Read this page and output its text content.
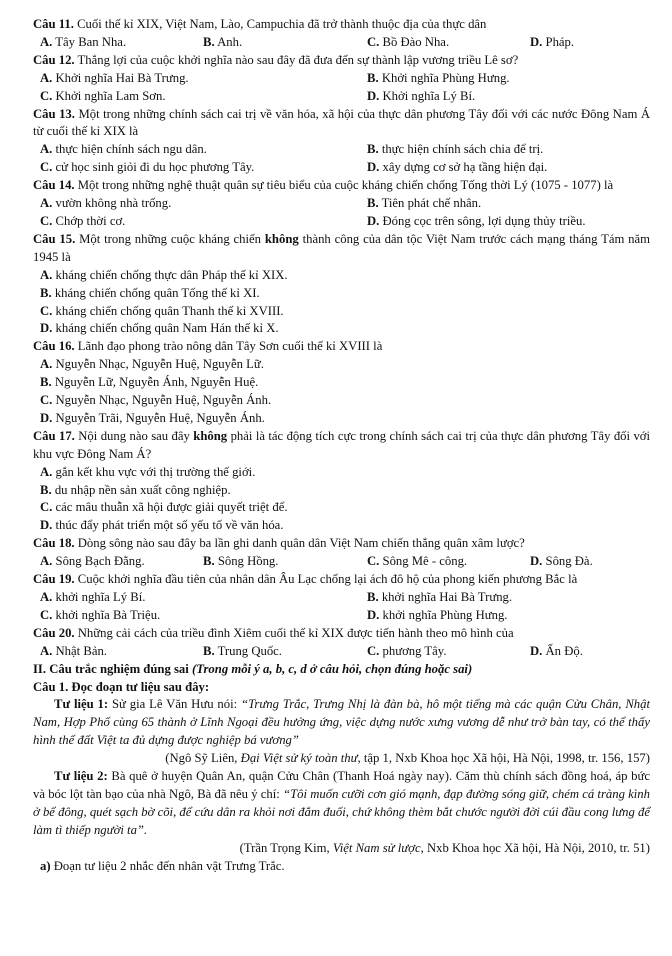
Câu 11. Cuối thế kỉ XIX, Việt Nam, Lào, Campuchia đã trở thành thuộc địa của thực dân
A. Tây Ban Nha.	B. Anh.	C. Bồ Đào Nha.	D. Pháp.
Câu 12. Thắng lợi của cuộc khởi nghĩa nào sau đây đã đưa đến sự thành lập vương triều Lê sơ?
A. Khởi nghĩa Hai Bà Trưng.	B. Khởi nghĩa Phùng Hưng.
C. Khởi nghĩa Lam Sơn.	D. Khởi nghĩa Lý Bí.
Câu 13. Một trong những chính sách cai trị về văn hóa, xã hội của thực dân phương Tây đối với các nước Đông Nam Á từ cuối thế kỉ XIX là
A. thực hiện chính sách ngu dân.	B. thực hiện chính sách chia để trị.
C. cử học sinh giỏi đi du học phương Tây.	D. xây dựng cơ sở hạ tầng hiện đại.
Câu 14. Một trong những nghệ thuật quân sự tiêu biểu của cuộc kháng chiến chống Tống thời Lý (1075 - 1077) là
A. vườn không nhà trống.	B. Tiên phát chế nhân.
C. Chớp thời cơ.	D. Đóng cọc trên sông, lợi dụng thủy triều.
Câu 15. Một trong những cuộc kháng chiến không thành công của dân tộc Việt Nam trước cách mạng tháng Tám năm 1945 là
A. kháng chiến chống thực dân Pháp thế kỉ XIX.
B. kháng chiến chống quân Tống thế kỉ XI.
C. kháng chiến chống quân Thanh thế kỉ XVIII.
D. kháng chiến chống quân Nam Hán thế kỉ X.
Câu 16. Lãnh đạo phong trào nông dân Tây Sơn cuối thế kỉ XVIII là
A. Nguyễn Nhạc, Nguyễn Huệ, Nguyễn Lữ.
B. Nguyễn Lữ, Nguyễn Ánh, Nguyễn Huệ.
C. Nguyễn Nhạc, Nguyễn Huệ, Nguyễn Ánh.
D. Nguyễn Trãi, Nguyễn Huệ, Nguyễn Ánh.
Câu 17. Nội dung nào sau đây không phải là tác động tích cực trong chính sách cai trị của thực dân phương Tây đối với khu vực Đông Nam Á?
A. gắn kết khu vực với thị trường thế giới.
B. du nhập nền sản xuất công nghiệp.
C. các mâu thuẫn xã hội được giải quyết triệt để.
D. thúc đẩy phát triển một số yếu tố về văn hóa.
Câu 18. Dòng sông nào sau đây ba lần ghi danh quân dân Việt Nam chiến thắng quân xâm lược?
A. Sông Bạch Đằng.	B. Sông Hồng.	C. Sông Mê - công.	D. Sông Đà.
Câu 19. Cuộc khởi nghĩa đầu tiên của nhân dân Âu Lạc chống lại ách đô hộ của phong kiến phương Bắc là
A. khởi nghĩa Lý Bí.	B. khởi nghĩa Hai Bà Trưng.
C. khởi nghĩa Bà Triệu.	D. khởi nghĩa Phùng Hưng.
Câu 20. Những cải cách của triều đình Xiêm cuối thế kỉ XIX được tiến hành theo mô hình của
A. Nhật Bản.	B. Trung Quốc.	C. phương Tây.	D. Ấn Độ.
II. Câu trắc nghiệm đúng sai (Trong mỗi ý a, b, c, d ở câu hỏi, chọn đúng hoặc sai)
Câu 1. Đọc đoạn tư liệu sau đây:
Tư liệu 1: Sử gia Lê Văn Hưu nói: “Trưng Trắc, Trưng Nhị là đàn bà, hô một tiếng mà các quận Cửu Chân, Nhật Nam, Hợp Phố cùng 65 thành ở Lĩnh Ngoại đều hưởng ứng, việc dựng nước xưng vương dễ như trở bàn tay, có thể thấy hình thế đất Việt ta đủ dựng được nghiệp bá vương”
(Ngô Sỹ Liên, Đại Việt sử ký toàn thư, tập 1, Nxb Khoa học Xã hội, Hà Nội, 1998, tr. 156, 157)
Tư liệu 2: Bà quê ở huyện Quân An, quận Cửu Chân (Thanh Hoá ngày nay). Căm thù chính sách đồng hoá, áp bức và bóc lột tàn bạo của nhà Ngô, Bà đã nêu ý chí: “Tôi muốn cưỡi cơn gió mạnh, đạp đường sóng giữ, chém cá tràng kình ở bể đông, quét sạch bờ cõi, để cứu dân ra khỏi nơi đắm đuối, chứ không thèm bắt chước người đời cúi đầu cong lưng để làm tì thiếp người ta”.
(Trần Trọng Kim, Việt Nam sử lược, Nxb Khoa học Xã hội, Hà Nội, 2010, tr. 51)
a) Đoạn tư liệu 2 nhắc đến nhân vật Trưng Trắc.
